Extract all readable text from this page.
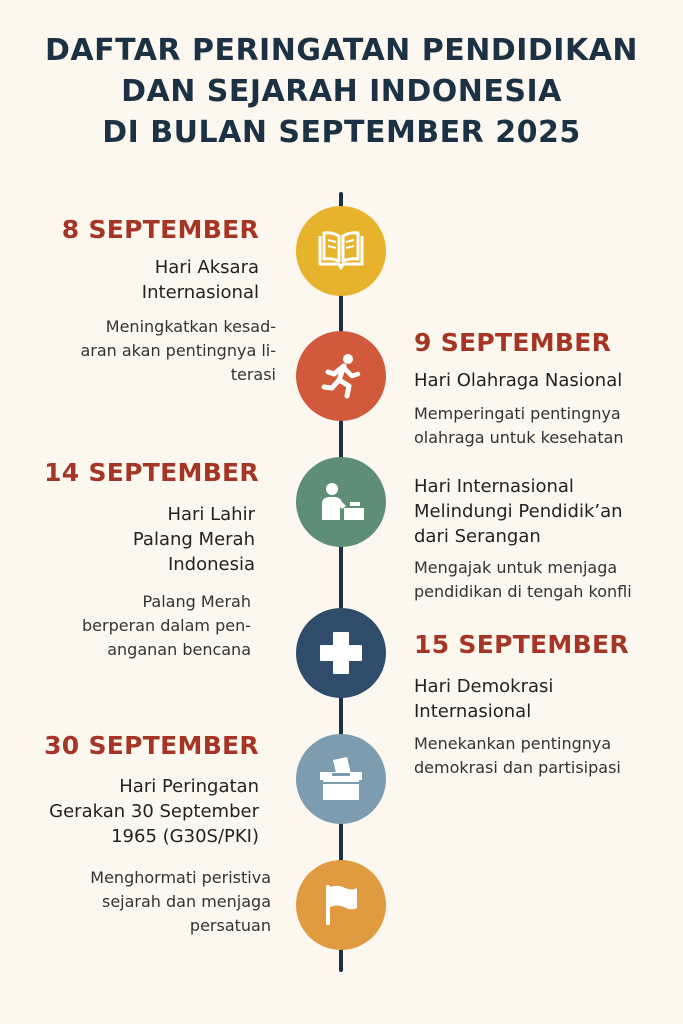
DAFTAR PERINGATAN PENDIDIKAN
DAN SEJARAH INDONESIA
DI BULAN SEPTEMBER 2025
8 SEPTEMBER
Hari Aksara
Internasional
Meningkatkan kesad-
aran akan pentingnya li-
terasi
9 SEPTEMBER
Hari Olahraga Nasional
Memperingati pentingnya
olahraga untuk kesehatan
14 SEPTEMBER
Hari Lahir
Palang Merah
Indonesia
Palang Merah
berperan dalam pen-
anganan bencana
Hari Internasional
Melindungi Pendidik’an
dari Serangan
Mengajak untuk menjaga
pendidikan di tengah konfli
15 SEPTEMBER
Hari Demokrasi
Internasional
Menekankan pentingnya
demokrasi dan partisipasi
30 SEPTEMBER
Hari Peringatan
Gerakan 30 September
1965 (G30S/PKI)
Menghormati peristiva
sejarah dan menjaga
persatuan
